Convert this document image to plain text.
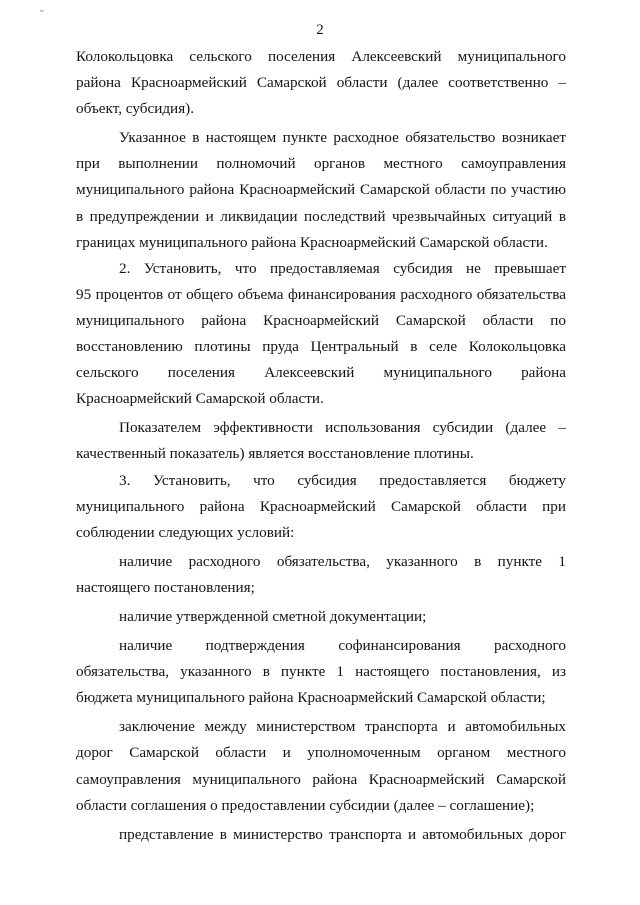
⌄
2

Колокольцовка сельского поселения Алексеевский муниципального
района Красноармейский Самарской области (далее соответственно –
объект, субсидия).

Указанное в настоящем пункте расходное обязательство возникает
при выполнении полномочий органов местного самоуправления
муниципального района Красноармейский Самарской области по участию
в предупреждении и ликвидации последствий чрезвычайных ситуаций в
границах муниципального района Красноармейский Самарской области.

2. Установить, что предоставляемая субсидия не превышает
95 процентов от общего объема финансирования расходного обязательства
муниципального района Красноармейский Самарской области по
восстановлению плотины пруда Центральный в селе Колокольцовка
сельского поселения Алексеевский муниципального района
Красноармейский Самарской области.

Показателем эффективности использования субсидии (далее –
качественный показатель) является восстановление плотины.

3. Установить, что субсидия предоставляется бюджету
муниципального района Красноармейский Самарской области при
соблюдении следующих условий:

наличие расходного обязательства, указанного в пункте 1
настоящего постановления;

наличие утвержденной сметной документации;

наличие подтверждения софинансирования расходного
обязательства, указанного в пункте 1 настоящего постановления, из
бюджета муниципального района Красноармейский Самарской области;

заключение между министерством транспорта и автомобильных
дорог Самарской области и уполномоченным органом местного
самоуправления муниципального района Красноармейский Самарской
области соглашения о предоставлении субсидии (далее – соглашение);

представление в министерство транспорта и автомобильных дорог
